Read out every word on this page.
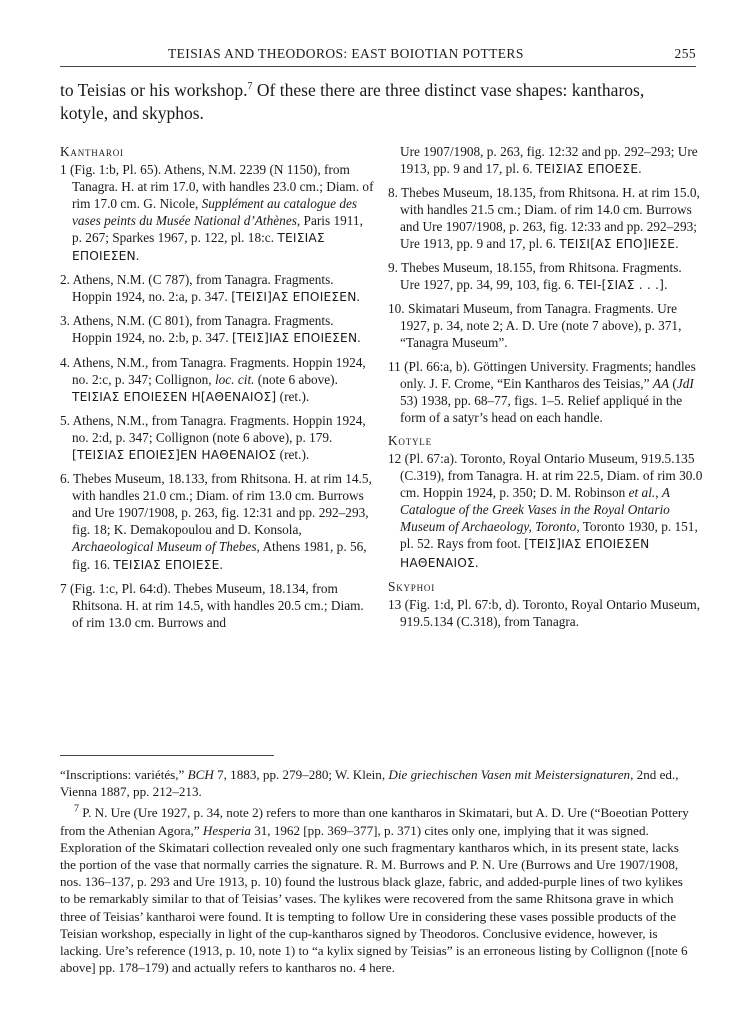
TEISIAS AND THEODOROS: EAST BOIOTIAN POTTERS	255

to Teisias or his workshop.$^7$ Of these there are three distinct vase shapes: kantharos, kotyle, and skyphos.

Kantharoi

1 (Fig. 1:b, Pl. 65). Athens, N.M. 2239 (N 1150), from Tanagra. H. at rim 17.0, with handles 23.0 cm.; Diam. of rim 17.0 cm. G. Nicole, Supplément au catalogue des vases peints du Musée National d’Athènes, Paris 1911, p. 267; Sparkes 1967, p. 122, pl. 18:c. ΤΕΙΣΙΑΣ ΕΠΟΙΕΣΕΝ.

2. Athens, N.M. (C 787), from Tanagra. Fragments. Hoppin 1924, no. 2:a, p. 347. [ΤΕΙΣΙ]ΑΣ ΕΠΟΙΕΣΕΝ.

3. Athens, N.M. (C 801), from Tanagra. Fragments. Hoppin 1924, no. 2:b, p. 347. [ΤΕΙΣ]ΙΑΣ ΕΠΟΙΕΣΕΝ.

4. Athens, N.M., from Tanagra. Fragments. Hoppin 1924, no. 2:c, p. 347; Collignon, loc. cit. (note 6 above). ΤΕΙΣΙΑΣ ΕΠΟΙΕΣΕΝ Η[ΑΘΕΝΑΙΟΣ] (ret.).

5. Athens, N.M., from Tanagra. Fragments. Hoppin 1924, no. 2:d, p. 347; Collignon (note 6 above), p. 179. [ΤΕΙΣΙΑΣ ΕΠΟΙΕΣ]ΕΝ ΗΑΘΕΝΑΙΟΣ (ret.).

6. Thebes Museum, 18.133, from Rhitsona. H. at rim 14.5, with handles 21.0 cm.; Diam. of rim 13.0 cm. Burrows and Ure 1907/1908, p. 263, fig. 12:31 and pp. 292–293, fig. 18; K. Demakopoulou and D. Konsola, Archaeological Museum of Thebes, Athens 1981, p. 56, fig. 16. ΤΕΙΣΙΑΣ ΕΠΟΙΕΣΕ.

7 (Fig. 1:c, Pl. 64:d). Thebes Museum, 18.134, from Rhitsona. H. at rim 14.5, with handles 20.5 cm.; Diam. of rim 13.0 cm. Burrows and

Ure 1907/1908, p. 263, fig. 12:32 and pp. 292–293; Ure 1913, pp. 9 and 17, pl. 6. ΤΕΙΣΙΑΣ ΕΠΟΕΣΕ.

8. Thebes Museum, 18.135, from Rhitsona. H. at rim 15.0, with handles 21.5 cm.; Diam. of rim 14.0 cm. Burrows and Ure 1907/1908, p. 263, fig. 12:33 and pp. 292–293; Ure 1913, pp. 9 and 17, pl. 6. ΤΕΙΣΙ[ΑΣ ΕΠΟ]ΙΕΣΕ.

9. Thebes Museum, 18.155, from Rhitsona. Fragments. Ure 1927, pp. 34, 99, 103, fig. 6. ΤΕΙ-[ΣΙΑΣ . . .].

10. Skimatari Museum, from Tanagra. Fragments. Ure 1927, p. 34, note 2; A. D. Ure (note 7 above), p. 371, “Tanagra Museum”.

11 (Pl. 66:a, b). Göttingen University. Fragments; handles only. J. F. Crome, “Ein Kantharos des Teisias,” AA (JdI 53) 1938, pp. 68–77, figs. 1–5. Relief appliqué in the form of a satyr’s head on each handle.

Kotyle

12 (Pl. 67:a). Toronto, Royal Ontario Museum, 919.5.135 (C.319), from Tanagra. H. at rim 22.5, Diam. of rim 30.0 cm. Hoppin 1924, p. 350; D. M. Robinson et al., A Catalogue of the Greek Vases in the Royal Ontario Museum of Archaeology, Toronto, Toronto 1930, p. 151, pl. 52. Rays from foot. [ΤΕΙΣ]ΙΑΣ ΕΠΟΙΕΣΕΝ ΗΑΘΕΝΑΙΟΣ.

Skyphoi

13 (Fig. 1:d, Pl. 67:b, d). Toronto, Royal Ontario Museum, 919.5.134 (C.318), from Tanagra.

“Inscriptions: variétés,” BCH 7, 1883, pp. 279–280; W. Klein, Die griechischen Vasen mit Meistersignaturen, 2nd ed., Vienna 1887, pp. 212–213.

$^7$ P. N. Ure (Ure 1927, p. 34, note 2) refers to more than one kantharos in Skimatari, but A. D. Ure (“Boeotian Pottery from the Athenian Agora,” Hesperia 31, 1962 [pp. 369–377], p. 371) cites only one, implying that it was signed. Exploration of the Skimatari collection revealed only one such fragmentary kantharos which, in its present state, lacks the portion of the vase that normally carries the signature. R. M. Burrows and P. N. Ure (Burrows and Ure 1907/1908, nos. 136–137, p. 293 and Ure 1913, p. 10) found the lustrous black glaze, fabric, and added-purple lines of two kylikes to be remarkably similar to that of Teisias’ vases. The kylikes were recovered from the same Rhitsona grave in which three of Teisias’ kantharoi were found. It is tempting to follow Ure in considering these vases possible products of the Teisian workshop, especially in light of the cup-kantharos signed by Theodoros. Conclusive evidence, however, is lacking. Ure’s reference (1913, p. 10, note 1) to “a kylix signed by Teisias” is an erroneous listing by Collignon ([note 6 above] pp. 178–179) and actually refers to kantharos no. 4 here.
